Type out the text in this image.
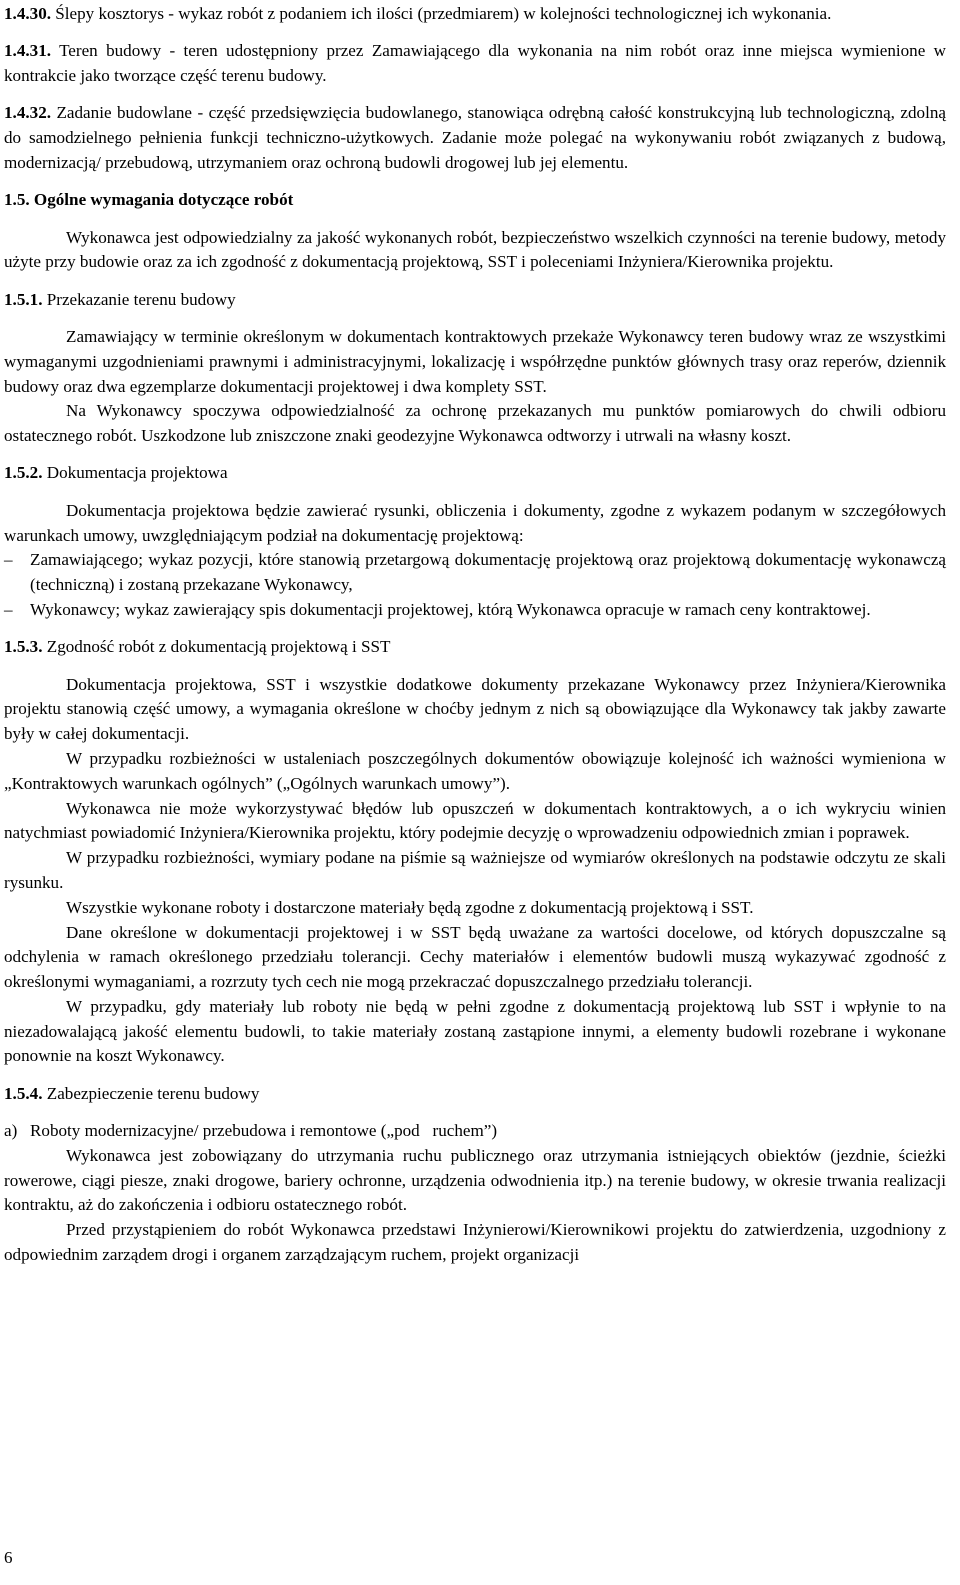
1.4.30. Ślepy kosztorys - wykaz robót z podaniem ich ilości (przedmiarem) w kolejności technologicznej ich wykonania.

1.4.31. Teren budowy - teren udostępniony przez Zamawiającego dla wykonania na nim robót oraz inne miejsca wymienione w kontrakcie jako tworzące część terenu budowy.

1.4.32. Zadanie budowlane - część przedsięwzięcia budowlanego, stanowiąca odrębną całość konstrukcyjną lub technologiczną, zdolną do samodzielnego pełnienia funkcji techniczno-użytkowych. Zadanie może polegać na wykonywaniu robót związanych z budową, modernizacją/ przebudową, utrzymaniem oraz ochroną budowli drogowej lub jej elementu.

1.5. Ogólne wymagania dotyczące robót

Wykonawca jest odpowiedzialny za jakość wykonanych robót, bezpieczeństwo wszelkich czynności na terenie budowy, metody użyte przy budowie oraz za ich zgodność z dokumentacją projektową, SST i poleceniami Inżyniera/Kierownika projektu.

1.5.1. Przekazanie terenu budowy

Zamawiający w terminie określonym w dokumentach kontraktowych przekaże Wykonawcy teren budowy wraz ze wszystkimi wymaganymi uzgodnieniami prawnymi i administracyjnymi, lokalizację i współrzędne punktów głównych trasy oraz reperów, dziennik budowy oraz dwa egzemplarze dokumentacji projektowej i dwa komplety SST.

Na Wykonawcy spoczywa odpowiedzialność za ochronę przekazanych mu punktów pomiarowych do chwili odbioru ostatecznego robót. Uszkodzone lub zniszczone znaki geodezyjne Wykonawca odtworzy i utrwali na własny koszt.

1.5.2. Dokumentacja projektowa

Dokumentacja projektowa będzie zawierać rysunki, obliczenia i dokumenty, zgodne z wykazem podanym w szczegółowych warunkach umowy, uwzględniającym podział na dokumentację projektową:

– Zamawiającego; wykaz pozycji, które stanowią przetargową dokumentację projektową oraz projektową dokumentację wykonawczą (techniczną) i zostaną przekazane Wykonawcy,
– Wykonawcy; wykaz zawierający spis dokumentacji projektowej, którą Wykonawca opracuje w ramach ceny kontraktowej.

1.5.3. Zgodność robót z dokumentacją projektową i SST

Dokumentacja projektowa, SST i wszystkie dodatkowe dokumenty przekazane Wykonawcy przez Inżyniera/Kierownika projektu stanowią część umowy, a wymagania określone w choćby jednym z nich są obowiązujące dla Wykonawcy tak jakby zawarte były w całej dokumentacji.

W przypadku rozbieżności w ustaleniach poszczególnych dokumentów obowiązuje kolejność ich ważności wymieniona w „Kontraktowych warunkach ogólnych” („Ogólnych warunkach umowy”).

Wykonawca nie może wykorzystywać błędów lub opuszczeń w dokumentach kontraktowych, a o ich wykryciu winien natychmiast powiadomić Inżyniera/Kierownika projektu, który podejmie decyzję o wprowadzeniu odpowiednich zmian i poprawek.

W przypadku rozbieżności, wymiary podane na piśmie są ważniejsze od wymiarów określonych na podstawie odczytu ze skali rysunku.

Wszystkie wykonane roboty i dostarczone materiały będą zgodne z dokumentacją projektową i SST.

Dane określone w dokumentacji projektowej i w SST będą uważane za wartości docelowe, od których dopuszczalne są odchylenia w ramach określonego przedziału tolerancji. Cechy materiałów i elementów budowli muszą wykazywać zgodność z określonymi wymaganiami, a rozrzuty tych cech nie mogą przekraczać dopuszczalnego przedziału tolerancji.

W przypadku, gdy materiały lub roboty nie będą w pełni zgodne z dokumentacją projektową lub SST i wpłynie to na niezadowalającą jakość elementu budowli, to takie materiały zostaną zastąpione innymi, a elementy budowli rozebrane i wykonane ponownie na koszt Wykonawcy.

1.5.4. Zabezpieczenie terenu budowy

a) Roboty modernizacyjne/ przebudowa i remontowe („pod   ruchem”)

Wykonawca jest zobowiązany do utrzymania ruchu publicznego oraz utrzymania istniejących obiektów (jezdnie, ścieżki rowerowe, ciągi piesze, znaki drogowe, bariery ochronne, urządzenia odwodnienia itp.) na terenie budowy, w okresie trwania realizacji kontraktu, aż do zakończenia i odbioru ostatecznego robót.

Przed przystąpieniem do robót Wykonawca przedstawi Inżynierowi/Kierownikowi projektu do zatwierdzenia, uzgodniony z odpowiednim zarządem drogi i organem zarządzającym ruchem, projekt organizacji

6
